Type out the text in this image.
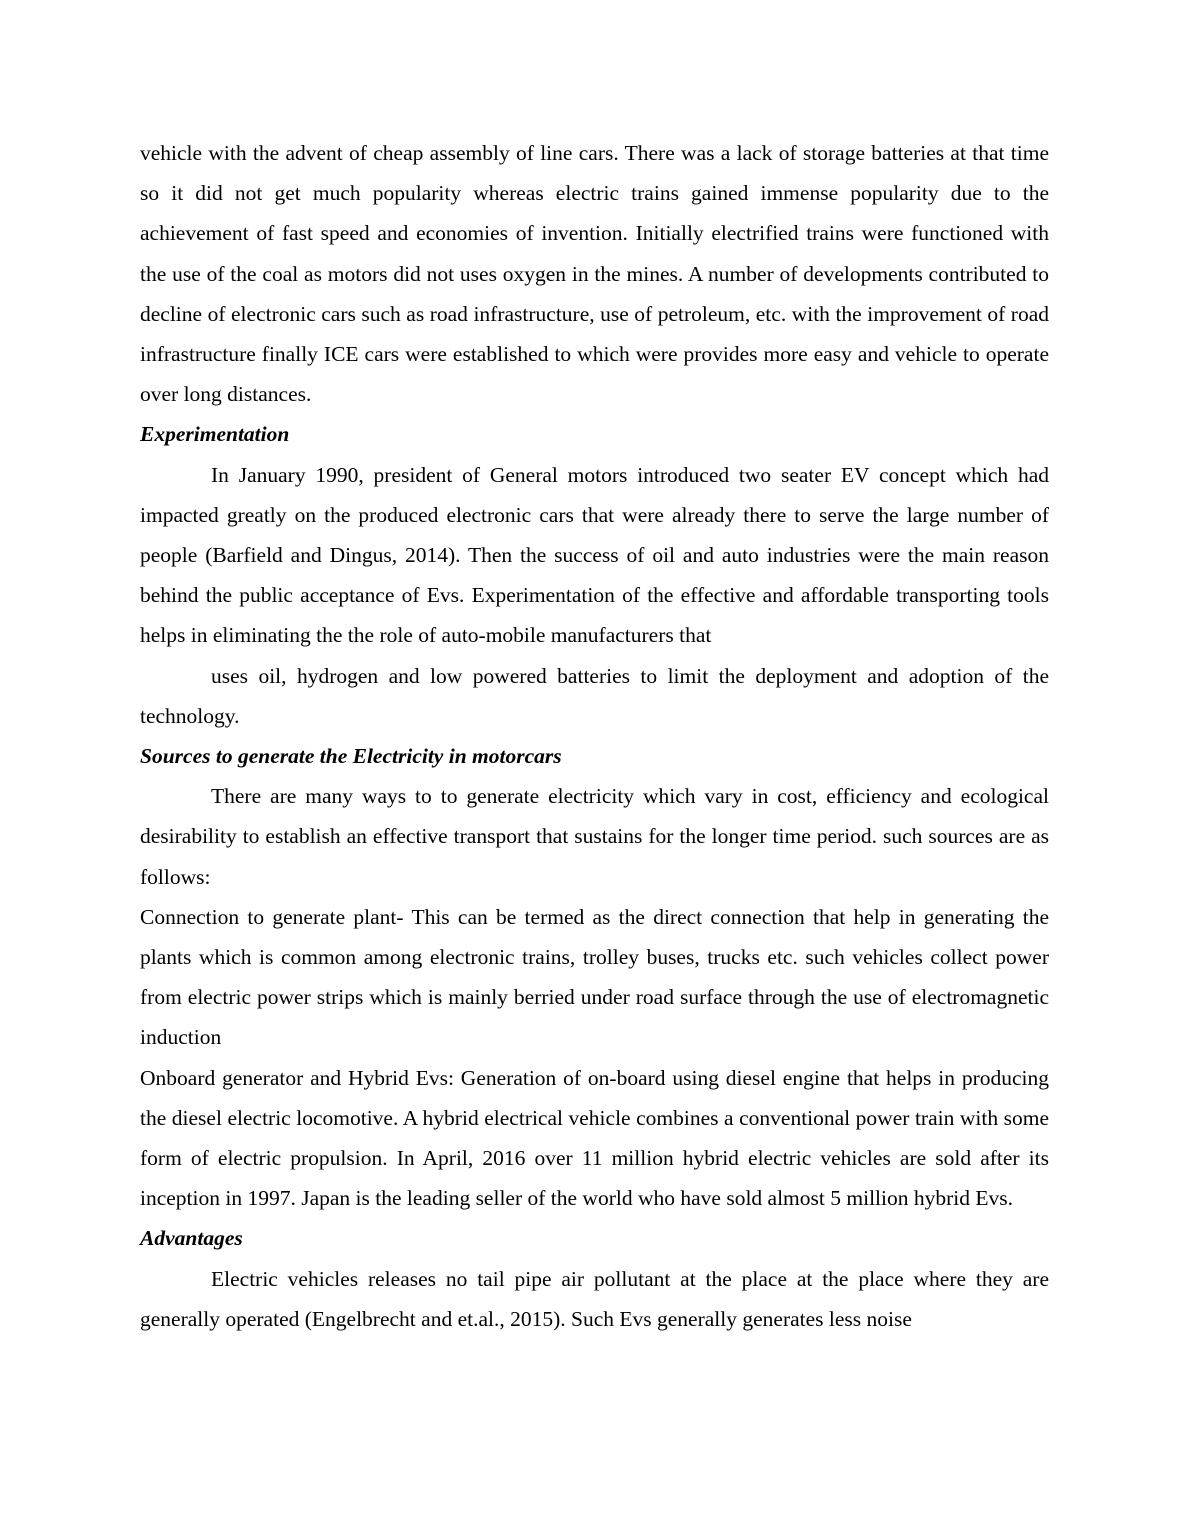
vehicle with the advent of cheap assembly of line cars. There was a lack of storage batteries at that time so it did not get much popularity whereas electric trains gained immense popularity due to the achievement of fast speed and economies of invention. Initially electrified trains were functioned with the use of the coal as motors did not uses oxygen in the mines. A number of developments contributed to decline of electronic cars such as road infrastructure, use of petroleum, etc. with the improvement of road infrastructure finally ICE cars were established to which were provides more easy and vehicle to operate over long distances.

Experimentation

In January 1990, president of General motors introduced two seater EV concept which had impacted greatly on the produced electronic cars that were already there to serve the large number of people (Barfield and Dingus, 2014). Then the success of oil and auto industries were the main reason behind the public acceptance of Evs. Experimentation of the effective and affordable transporting tools helps in eliminating the the role of auto-mobile manufacturers that

uses oil, hydrogen and low powered batteries to limit the deployment and adoption of the technology.

Sources to generate the Electricity in motorcars

There are many ways to to generate electricity which vary in cost, efficiency and ecological desirability to establish an effective transport that sustains for the longer time period. such sources are as follows:

Connection to generate plant- This can be termed as the direct connection that help in generating the plants which is common among electronic trains, trolley buses, trucks etc. such vehicles collect power from electric power strips which is mainly berried under road surface through the use of electromagnetic induction

Onboard generator and Hybrid Evs: Generation of on-board using diesel engine that helps in producing the diesel electric locomotive. A hybrid electrical vehicle combines a conventional power train with some form of electric propulsion. In April, 2016 over 11 million hybrid electric vehicles are sold after its inception in 1997. Japan is the leading seller of the world who have sold almost 5 million hybrid Evs.

Advantages

Electric vehicles releases no tail pipe air pollutant at the place at the place where they are generally operated (Engelbrecht and et.al., 2015). Such Evs generally generates less noise
